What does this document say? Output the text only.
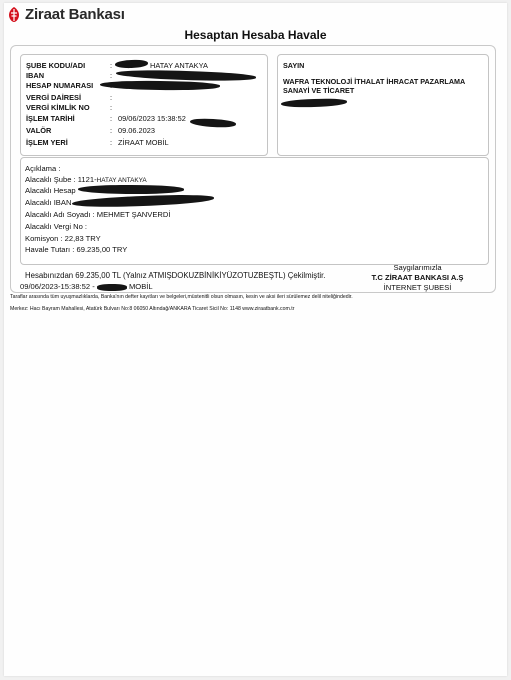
Ziraat Bankası
Hesaptan Hesaba Havale
ŞUBE KODU/ADI	:	HATAY ANTAKYA
IBAN	:
HESAP NUMARASI
VERGİ DAİRESİ	:
VERGİ KİMLİK NO	:
İŞLEM TARİHİ	: 09/06/2023 15:38:52
VALÖR	: 09.06.2023
İŞLEM YERİ	: ZİRAAT MOBİL
SAYIN
WAFRA TEKNOLOJİ İTHALAT İHRACAT PAZARLAMA SANAYİ VE TİCARET
Açıklama :
Alacaklı Şube : 1121-HATAY ANTAKYA
Alacaklı Hesap
Alacaklı IBAN
Alacaklı Adı Soyadı : MEHMET ŞANVERDİ
Alacaklı Vergi No :
Komisyon : 22,83 TRY
Havale Tutarı : 69.235,00 TRY
Hesabınızdan 69.235,00 TL (Yalnız ATMIŞDOKUZBİNİKİYÜZOTUZBEŞTL) Çekilmiştir.
09/06/2023-15:38:52 -	MOBİL
Saygılarımızla
T.C ZİRAAT BANKASI A.Ş
İNTERNET ŞUBESİ
Taraflar arasında tüm uyuşmazlıklarda, Banka'nın defter kayıtları ve belgeleri,müstenitli olsun olmasın, kesin ve aksi ileri sürülemez delil niteliğindedir.
Merkez: Hacı Bayram Mahallesi, Atatürk Bulvarı No:8 06050 Altındağ/ANKARA Ticaret Sicil No: 1148 www.ziraatbank.com.tr
